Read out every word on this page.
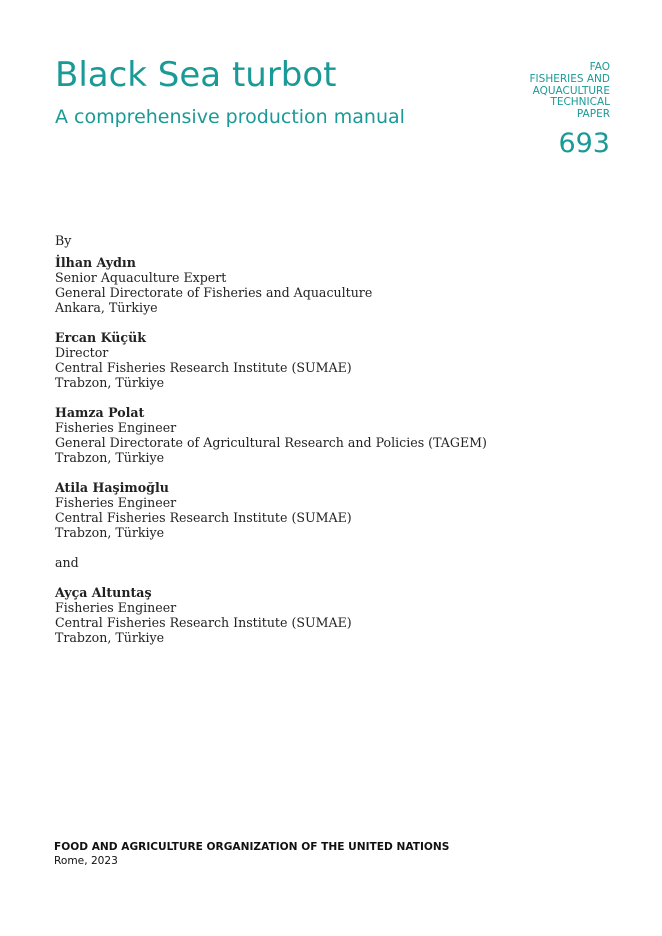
Black Sea turbot
A comprehensive production manual
FAO
FISHERIES AND
AQUACULTURE
TECHNICAL
PAPER
693
By
İlhan Aydın
Senior Aquaculture Expert
General Directorate of Fisheries and Aquaculture
Ankara, Türkiye
Ercan Küçük
Director
Central Fisheries Research Institute (SUMAE)
Trabzon, Türkiye
Hamza Polat
Fisheries Engineer
General Directorate of Agricultural Research and Policies (TAGEM)
Trabzon, Türkiye
Atila Haşimoğlu
Fisheries Engineer
Central Fisheries Research Institute (SUMAE)
Trabzon, Türkiye
and
Ayça Altuntaş
Fisheries Engineer
Central Fisheries Research Institute (SUMAE)
Trabzon, Türkiye
FOOD AND AGRICULTURE ORGANIZATION OF THE UNITED NATIONS
Rome, 2023
